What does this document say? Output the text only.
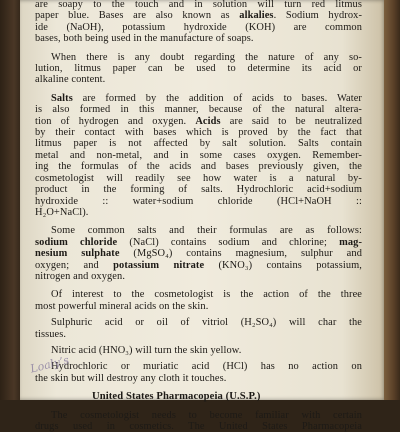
are soapy to the touch and in solution will turn red litmus
paper blue. Bases are also known as alkalies. Sodium hydrox-
ide (NaOH), potassium hydroxide (KOH) are common
bases, both being used in the manufacture of soaps.
When there is any doubt regarding the nature of any so-
lution, litmus paper can be used to determine its acid or
alkaline content.
Salts are formed by the addition of acids to bases. Water
is also formed in this manner, because of the natural altera-
tion of hydrogen and oxygen. Acids are said to be neutralized
by their contact with bases which is proved by the fact that
litmus paper is not affected by salt solution. Salts contain
metal and non-metal, and in some cases oxygen. Remember-
ing the formulas of the acids and bases previously given, the
cosmetologist will readily see how water is a natural by-
product in the forming of salts. Hydrochloric acid+sodium
hydroxide :: water+sodium chloride (HCl+NaOH ::
H₂O+NaCl).
Some common salts and their formulas are as follows:
sodium chloride (NaCl) contains sodium and chlorine; mag-
nesium sulphate (MgSO₄) contains magnesium, sulphur and
oxygen; and potassium nitrate (KNO₃) contains potassium,
nitrogen and oxygen.
Of interest to the cosmetologist is the action of the three
most powerful mineral acids on the skin.
Sulphuric acid or oil of vitriol (H₂SO₄) will char the
tissues.
Nitric acid (HNO₃) will turn the skin yellow.
Hydrochloric or muriatic acid (HCl) has no action on
the skin but will destroy any cloth it touches.

United States Pharmacopeia (U.S.P.)

The cosmetologist needs to become familiar with certain
drugs used in cosmetics. The United States Pharmacopeia
Loaly’s
